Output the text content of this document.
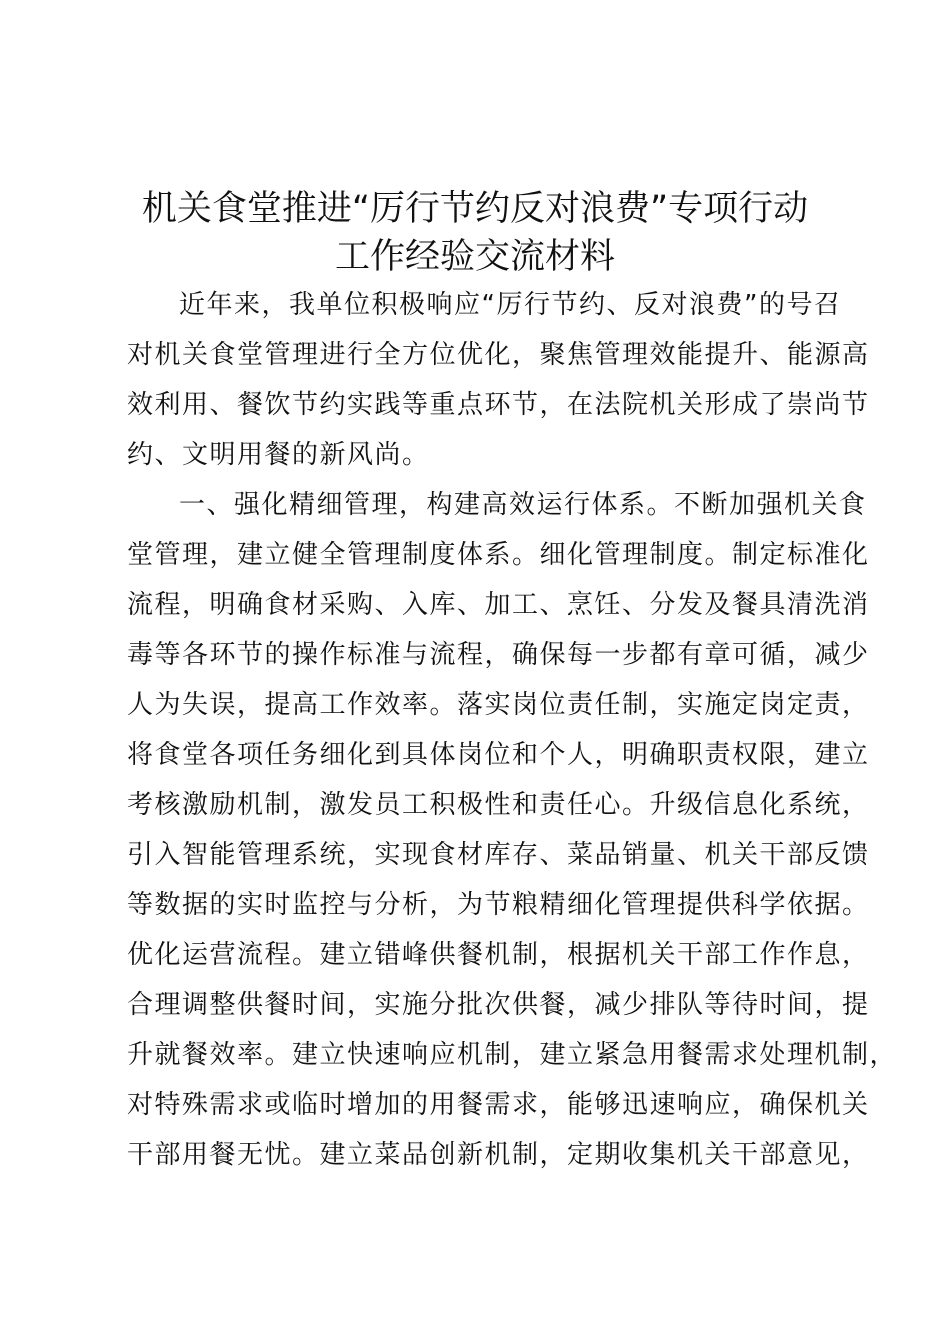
机关食堂推进“厉行节约反对浪费”专项行动
工作经验交流材料
近年来，我单位积极响应“厉行节约、反对浪费”的号召
对机关食堂管理进行全方位优化，聚焦管理效能提升、能源高
效利用、餐饮节约实践等重点环节，在法院机关形成了崇尚节
约、文明用餐的新风尚。
一、强化精细管理，构建高效运行体系。不断加强机关食
堂管理，建立健全管理制度体系。细化管理制度。制定标准化
流程，明确食材采购、入库、加工、烹饪、分发及餐具清洗消
毒等各环节的操作标准与流程，确保每一步都有章可循，减少
人为失误，提高工作效率。落实岗位责任制，实施定岗定责，
将食堂各项任务细化到具体岗位和个人，明确职责权限，建立
考核激励机制，激发员工积极性和责任心。升级信息化系统，
引入智能管理系统，实现食材库存、菜品销量、机关干部反馈
等数据的实时监控与分析，为节粮精细化管理提供科学依据。
优化运营流程。建立错峰供餐机制，根据机关干部工作作息，
合理调整供餐时间，实施分批次供餐，减少排队等待时间，提
升就餐效率。建立快速响应机制，建立紧急用餐需求处理机制，
对特殊需求或临时增加的用餐需求，能够迅速响应，确保机关
干部用餐无忧。建立菜品创新机制，定期收集机关干部意见，
